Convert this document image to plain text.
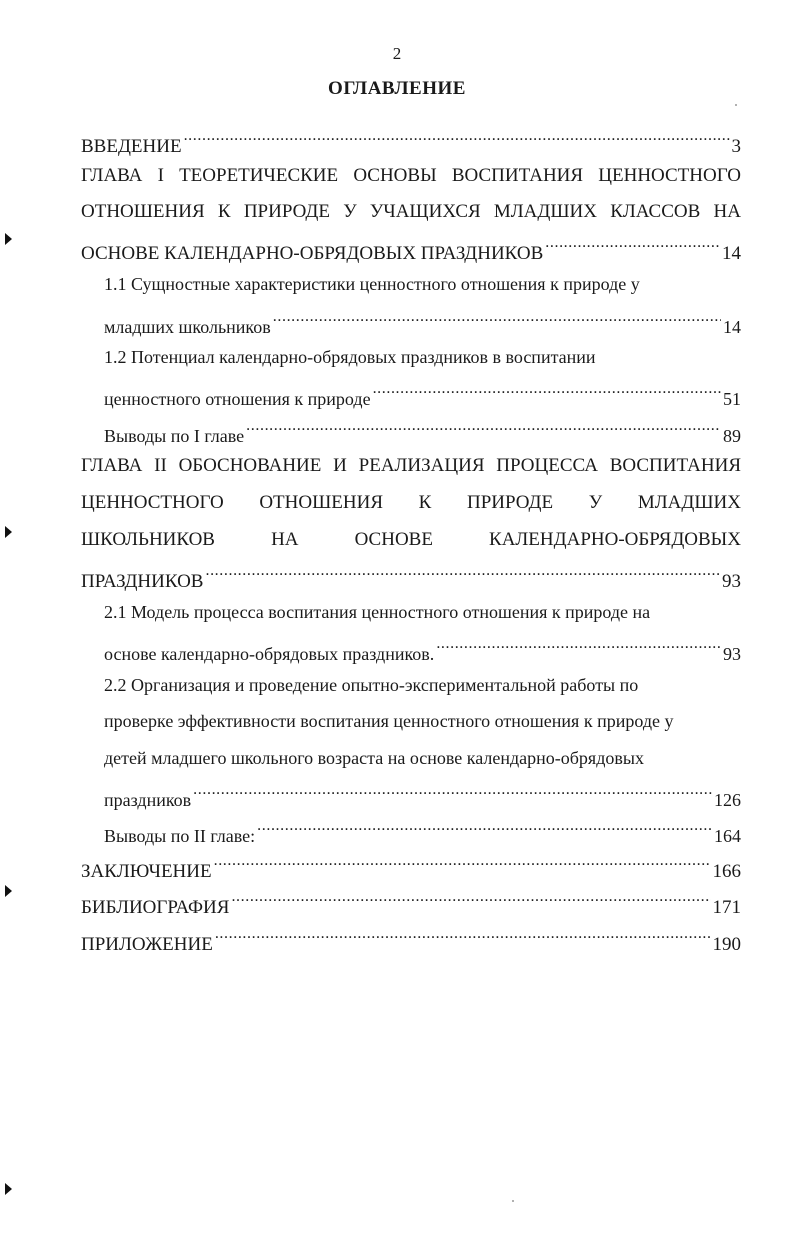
2
ОГЛАВЛЕНИЕ
ВВЕДЕНИЕ .....	3
ГЛАВА I ТЕОРЕТИЧЕСКИЕ ОСНОВЫ ВОСПИТАНИЯ ЦЕННОСТНОГО
ОТНОШЕНИЯ К ПРИРОДЕ У УЧАЩИХСЯ МЛАДШИХ КЛАССОВ НА
ОСНОВЕ КАЛЕНДАРНО-ОБРЯДОВЫХ ПРАЗДНИКОВ .....	14
1.1 Сущностные характеристики ценностного отношения к природе у
младших школьников .....	14
1.2 Потенциал календарно-обрядовых праздников в воспитании
ценностного отношения к природе .....	51
Выводы по I главе .....	89
ГЛАВА II ОБОСНОВАНИЕ И РЕАЛИЗАЦИЯ ПРОЦЕССА ВОСПИТАНИЯ
ЦЕННОСТНОГО ОТНОШЕНИЯ К ПРИРОДЕ У МЛАДШИХ
ШКОЛЬНИКОВ	НА	ОСНОВЕ	КАЛЕНДАРНО-ОБРЯДОВЫХ
ПРАЗДНИКОВ .....	93
2.1 Модель процесса воспитания ценностного отношения к природе на
основе календарно-обрядовых праздников. .....	93
2.2 Организация и проведение опытно-экспериментальной работы по
проверке эффективности воспитания ценностного отношения к природе у
детей младшего школьного возраста на основе календарно-обрядовых
праздников .....	126
Выводы по II главе: .....	164
ЗАКЛЮЧЕНИЕ .....	166
БИБЛИОГРАФИЯ .....	171
ПРИЛОЖЕНИЕ .....	190
